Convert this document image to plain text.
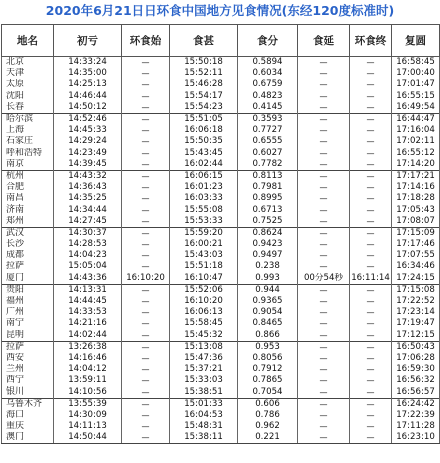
2020年6月21日日环食中国地方见食情况(东经120度标准时)
地名	初亏	环食始	食甚	食分	食延	环食终	复圆
北京	14:33:24	—	15:50:18	0.5894	—	—	16:58:45
天津	14:35:00	—	15:52:11	0.6034	—	—	17:00:40
太原	14:25:13	—	15:46:28	0.6759	—	—	17:01:47
沈阳	14:46:44	—	15:54:17	0.4823	—	—	16:55:15
长春	14:50:12	—	15:54:23	0.4145	—	—	16:49:54
哈尔滨	14:52:46	—	15:51:05	0.3593	—	—	16:44:47
上海	14:45:33	—	16:06:18	0.7727	—	—	17:16:04
石家庄	14:29:24	—	15:50:35	0.6555	—	—	17:02:11
呼和浩特	14:23:49	—	15:43:45	0.6027	—	—	16:55:12
南京	14:39:45	—	16:02:44	0.7782	—	—	17:14:20
杭州	14:43:32	—	16:06:15	0.8113	—	—	17:17:21
合肥	14:36:43	—	16:01:23	0.7981	—	—	17:14:16
南昌	14:35:25	—	16:03:33	0.8995	—	—	17:18:28
济南	14:34:44	—	15:55:08	0.6713	—	—	17:05:43
郑州	14:27:45	—	15:53:33	0.7525	—	—	17:08:07
武汉	14:30:37	—	15:59:20	0.8624	—	—	17:15:09
长沙	14:28:53	—	16:00:21	0.9423	—	—	17:17:46
成都	14:04:23	—	15:43:03	0.9497	—	—	17:07:55
拉萨	15:05:04	—	15:51:18	0.238	—	—	16:34:46
厦门	14:43:36	16:10:20	16:10:47	0.993	00分54秒	16:11:14	17:24:15
贵阳	14:13:31	—	15:52:06	0.944	—	—	17:15:08
福州	14:44:45	—	16:10:20	0.9365	—	—	17:22:52
广州	14:33:53	—	16:06:13	0.9054	—	—	17:23:14
南宁	14:21:16	—	15:58:45	0.8465	—	—	17:19:47
昆明	14:02:44	—	15:45:32	0.866	—	—	17:12:15
拉萨	13:26:38	—	15:13:08	0.953	—	—	16:50:43
西安	14:16:46	—	15:47:36	0.8056	—	—	17:06:28
兰州	14:04:12	—	15:37:21	0.7912	—	—	16:59:30
西宁	13:59:11	—	15:33:03	0.7865	—	—	16:56:32
银川	14:10:56	—	15:38:51	0.7054	—	—	16:56:57
乌鲁木齐	13:55:39	—	15:01:33	0.606	—	—	16:24:42
海口	14:30:09	—	16:04:53	0.786	—	—	17:22:39
重庆	14:11:13	—	15:48:31	0.962	—	—	17:11:28
澳门	14:50:44	—	15:38:11	0.221	—	—	16:23:10
